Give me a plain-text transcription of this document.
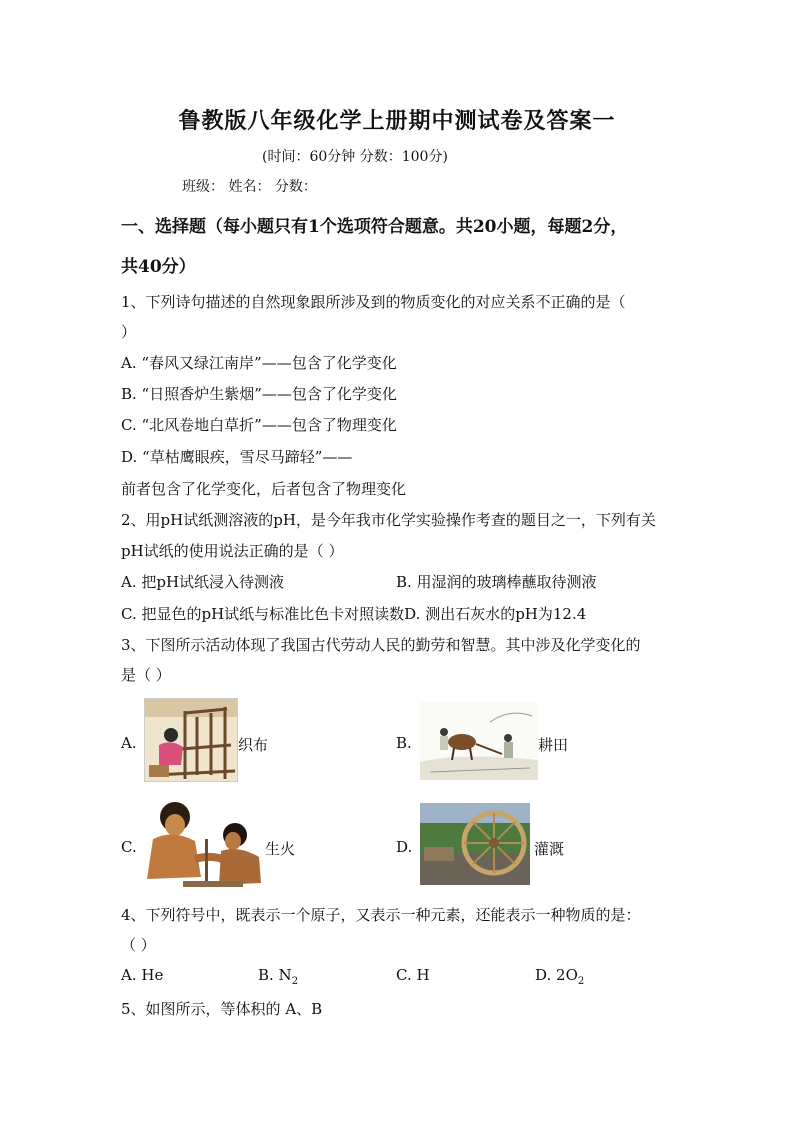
鲁教版八年级化学上册期中测试卷及答案一
(时间：60分钟 分数：100分)
班级： 姓名： 分数：
一、选择题（每小题只有1个选项符合题意。共20小题，每题2分，
共40分）
1、下列诗句描述的自然现象跟所涉及到的物质变化的对应关系不正确的是（
）
A. “春风又绿江南岸”——包含了化学变化
B. “日照香炉生紫烟”——包含了化学变化
C. “北风卷地白草折”——包含了物理变化
D. “草枯鹰眼疾，雪尽马蹄轻”——
前者包含了化学变化，后者包含了物理变化
2、用pH试纸测溶液的pH，是今年我市化学实验操作考查的题目之一，下列有关
pH试纸的使用说法正确的是（ ）
A. 把pH试纸浸入待测液	B. 用湿润的玻璃棒蘸取待测液
C. 把显色的pH试纸与标准比色卡对照读数D. 测出石灰水的pH为12.4
3、下图所示活动体现了我国古代劳动人民的勤劳和智慧。其中涉及化学变化的
是（ ）
A.	织布	B.	耕田
C.	生火	D.	灌溉
4、下列符号中，既表示一个原子，又表示一种元素，还能表示一种物质的是：
（ ）
A. He	B. $N_2$	C. H	D. $2O_2$
5、如图所示，等体积的 A、B
